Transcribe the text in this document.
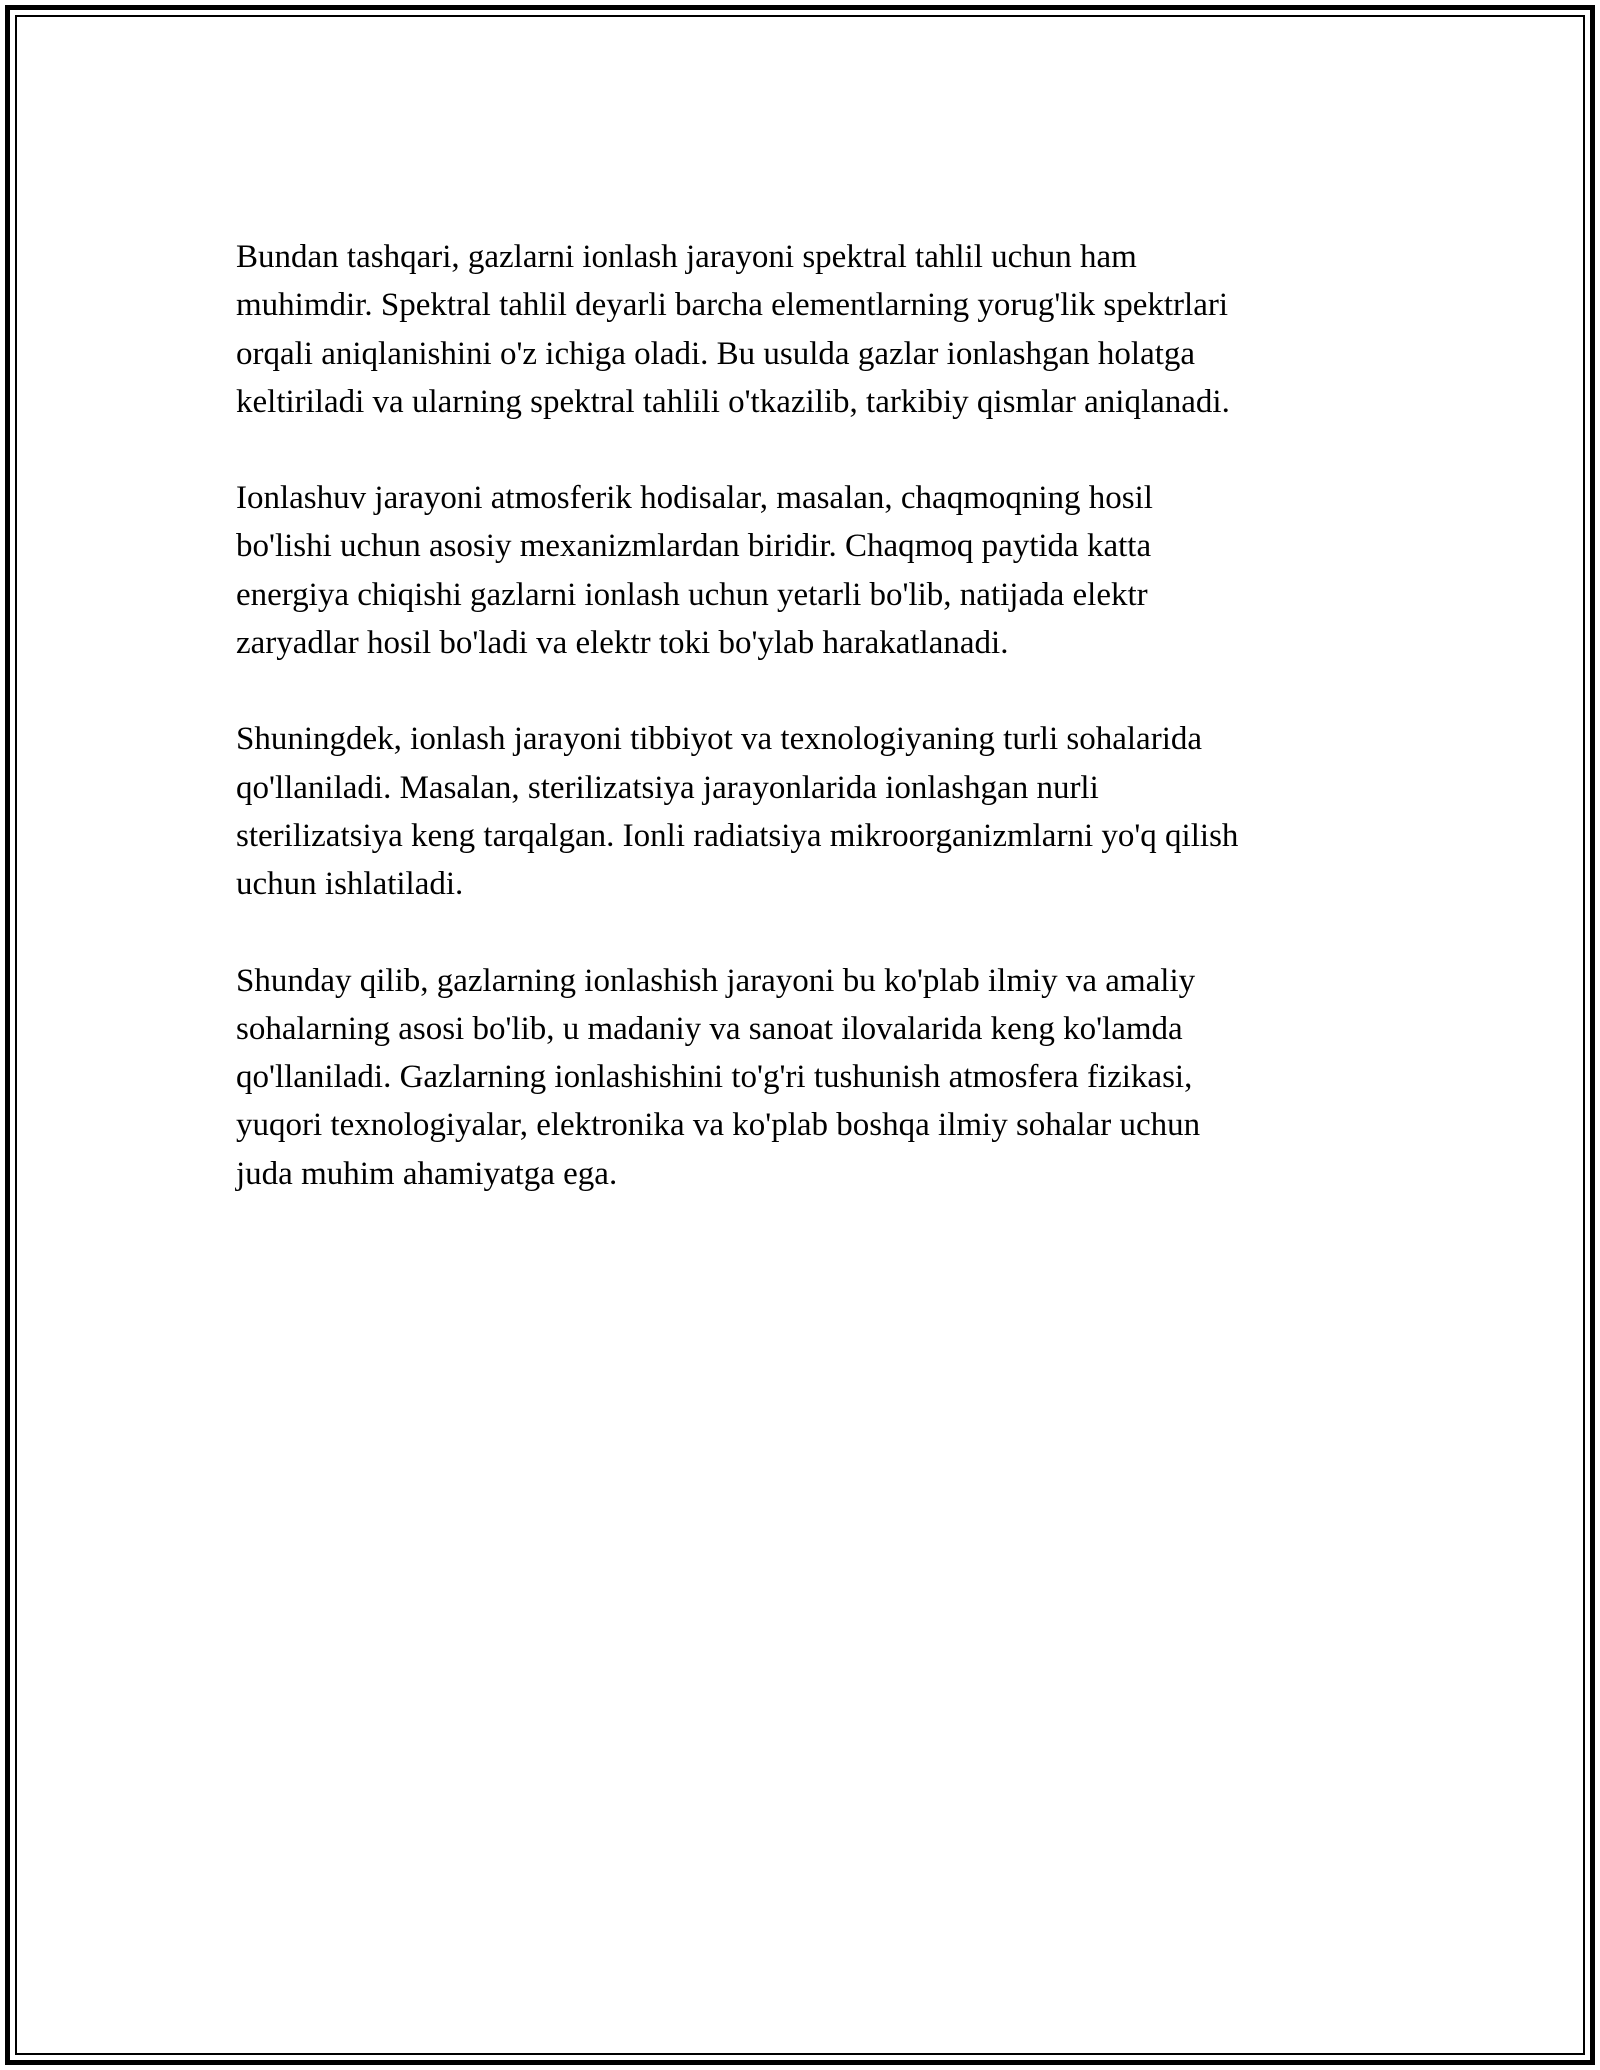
Bundan tashqari, gazlarni ionlash jarayoni spektral tahlil uchun ham
muhimdir. Spektral tahlil deyarli barcha elementlarning yorug'lik spektrlari
orqali aniqlanishini o'z ichiga oladi. Bu usulda gazlar ionlashgan holatga
keltiriladi va ularning spektral tahlili o'tkazilib, tarkibiy qismlar aniqlanadi.

Ionlashuv jarayoni atmosferik hodisalar, masalan, chaqmoqning hosil
bo'lishi uchun asosiy mexanizmlardan biridir. Chaqmoq paytida katta
energiya chiqishi gazlarni ionlash uchun yetarli bo'lib, natijada elektr
zaryadlar hosil bo'ladi va elektr toki bo'ylab harakatlanadi.

Shuningdek, ionlash jarayoni tibbiyot va texnologiyaning turli sohalarida
qo'llaniladi. Masalan, sterilizatsiya jarayonlarida ionlashgan nurli
sterilizatsiya keng tarqalgan. Ionli radiatsiya mikroorganizmlarni yo'q qilish
uchun ishlatiladi.

Shunday qilib, gazlarning ionlashish jarayoni bu ko'plab ilmiy va amaliy
sohalarning asosi bo'lib, u madaniy va sanoat ilovalarida keng ko'lamda
qo'llaniladi. Gazlarning ionlashishini to'g'ri tushunish atmosfera fizikasi,
yuqori texnologiyalar, elektronika va ko'plab boshqa ilmiy sohalar uchun
juda muhim ahamiyatga ega.
